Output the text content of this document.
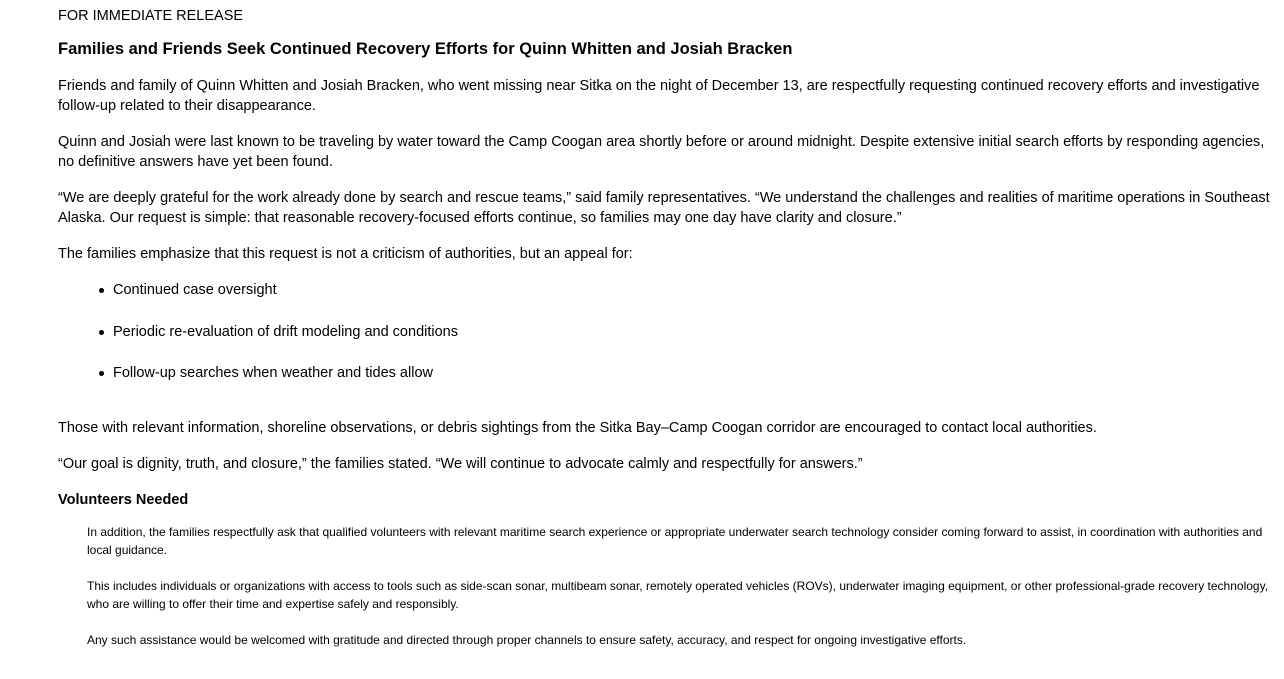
FOR IMMEDIATE RELEASE
Families and Friends Seek Continued Recovery Efforts for Quinn Whitten and Josiah Bracken

Friends and family of Quinn Whitten and Josiah Bracken, who went missing near Sitka on the night of December 13, are respectfully requesting continued recovery efforts and investigative follow-up related to their disappearance.

Quinn and Josiah were last known to be traveling by water toward the Camp Coogan area shortly before or around midnight. Despite extensive initial search efforts by responding agencies, no definitive answers have yet been found.

“We are deeply grateful for the work already done by search and rescue teams,” said family representatives. “We understand the challenges and realities of maritime operations in Southeast Alaska. Our request is simple: that reasonable recovery-focused efforts continue, so families may one day have clarity and closure.”

The families emphasize that this request is not a criticism of authorities, but an appeal for:

Continued case oversight
Periodic re-evaluation of drift modeling and conditions
Follow-up searches when weather and tides allow

Those with relevant information, shoreline observations, or debris sightings from the Sitka Bay–Camp Coogan corridor are encouraged to contact local authorities.

“Our goal is dignity, truth, and closure,” the families stated. “We will continue to advocate calmly and respectfully for answers.”

Volunteers Needed

In addition, the families respectfully ask that qualified volunteers with relevant maritime search experience or appropriate underwater search technology consider coming forward to assist, in coordination with authorities and local guidance.

This includes individuals or organizations with access to tools such as side-scan sonar, multibeam sonar, remotely operated vehicles (ROVs), underwater imaging equipment, or other professional-grade recovery technology, who are willing to offer their time and expertise safely and responsibly.

Any such assistance would be welcomed with gratitude and directed through proper channels to ensure safety, accuracy, and respect for ongoing investigative efforts.
